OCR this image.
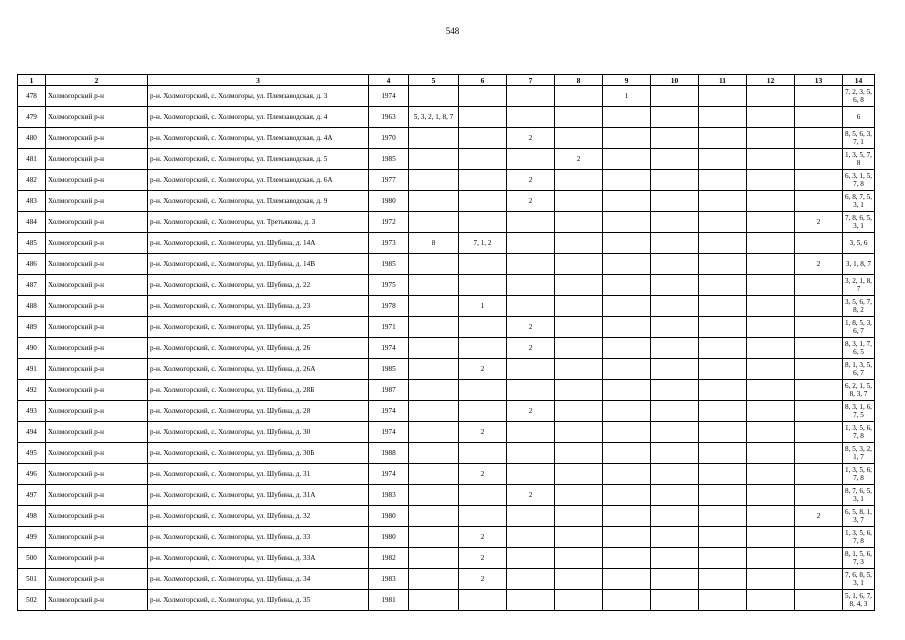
548
1	2	3	4	5	6	7	8	9	10	11	12	13	14
478	Холмогорский р-н	р-н. Холмогорский, с. Холмогоры, ул. Племзаводская, д. 3	1974					1					7, 2, 3, 5, 6, 8
479	Холмогорский р-н	р-н. Холмогорский, с. Холмогоры, ул. Племзаводская, д. 4	1963	5, 3, 2, 1, 8, 7									6
480	Холмогорский р-н	р-н. Холмогорский, с. Холмогоры, ул. Племзаводская, д. 4А	1970			2							8, 5, 6, 3, 7, 1
481	Холмогорский р-н	р-н. Холмогорский, с. Холмогоры, ул. Племзаводская, д. 5	1985				2						1, 3, 5, 7, 8
482	Холмогорский р-н	р-н. Холмогорский, с. Холмогоры, ул. Племзаводская, д. 6А	1977			2							6, 3, 1, 5, 7, 8
483	Холмогорский р-н	р-н. Холмогорский, с. Холмогоры, ул. Племзаводская, д. 9	1980			2							6, 8, 7, 5, 3, 1
484	Холмогорский р-н	р-н. Холмогорский, с. Холмогоры, ул. Третьякова, д. 3	1972									2	7, 8, 6, 5, 3, 1
485	Холмогорский р-н	р-н. Холмогорский, с. Холмогоры, ул. Шубина, д. 14А	1973	8	7, 1, 2								3, 5, 6
486	Холмогорский р-н	р-н. Холмогорский, с. Холмогоры, ул. Шубина, д. 14В	1985									2	3, 1, 8, 7
487	Холмогорский р-н	р-н. Холмогорский, с. Холмогоры, ул. Шубина, д. 22	1975										3, 2, 1, 8, 7
488	Холмогорский р-н	р-н. Холмогорский, с. Холмогоры, ул. Шубина, д. 23	1978		1								3, 5, 6, 7, 8, 2
489	Холмогорский р-н	р-н. Холмогорский, с. Холмогоры, ул. Шубина, д. 25	1971			2							1, 8, 5, 3, 6, 7
490	Холмогорский р-н	р-н. Холмогорский, с. Холмогоры, ул. Шубина, д. 26	1974			2							8, 3, 1, 7, 6, 5
491	Холмогорский р-н	р-н. Холмогорский, с. Холмогоры, ул. Шубина, д. 26А	1985		2								8, 1, 3, 5, 6, 7
492	Холмогорский р-н	р-н. Холмогорский, с. Холмогоры, ул. Шубина, д. 28Б	1987										6, 2, 1, 5, 8, 3, 7
493	Холмогорский р-н	р-н. Холмогорский, с. Холмогоры, ул. Шубина, д. 28	1974			2							8, 3, 1, 6, 7, 5
494	Холмогорский р-н	р-н. Холмогорский, с. Холмогоры, ул. Шубина, д. 30	1974		2								1, 3, 5, 6, 7, 8
495	Холмогорский р-н	р-н. Холмогорский, с. Холмогоры, ул. Шубина, д. 30Б	1988										8, 5, 3, 2, 1, 7
496	Холмогорский р-н	р-н. Холмогорский, с. Холмогоры, ул. Шубина, д. 31	1974		2								1, 3, 5, 6, 7, 8
497	Холмогорский р-н	р-н. Холмогорский, с. Холмогоры, ул. Шубина, д. 31А	1983			2							8, 7, 6, 5, 3, 1
498	Холмогорский р-н	р-н. Холмогорский, с. Холмогоры, ул. Шубина, д. 32	1980									2	6, 5, 8, 1, 3, 7
499	Холмогорский р-н	р-н. Холмогорский, с. Холмогоры, ул. Шубина, д. 33	1980		2								1, 3, 5, 6, 7, 8
500	Холмогорский р-н	р-н. Холмогорский, с. Холмогоры, ул. Шубина, д. 33А	1982		2								8, 1, 5, 6, 7, 3
501	Холмогорский р-н	р-н. Холмогорский, с. Холмогоры, ул. Шубина, д. 34	1983		2								7, 6, 8, 5, 3, 1
502	Холмогорский р-н	р-н. Холмогорский, с. Холмогоры, ул. Шубина, д. 35	1981										5, 1, 6, 7, 8, 4, 3
